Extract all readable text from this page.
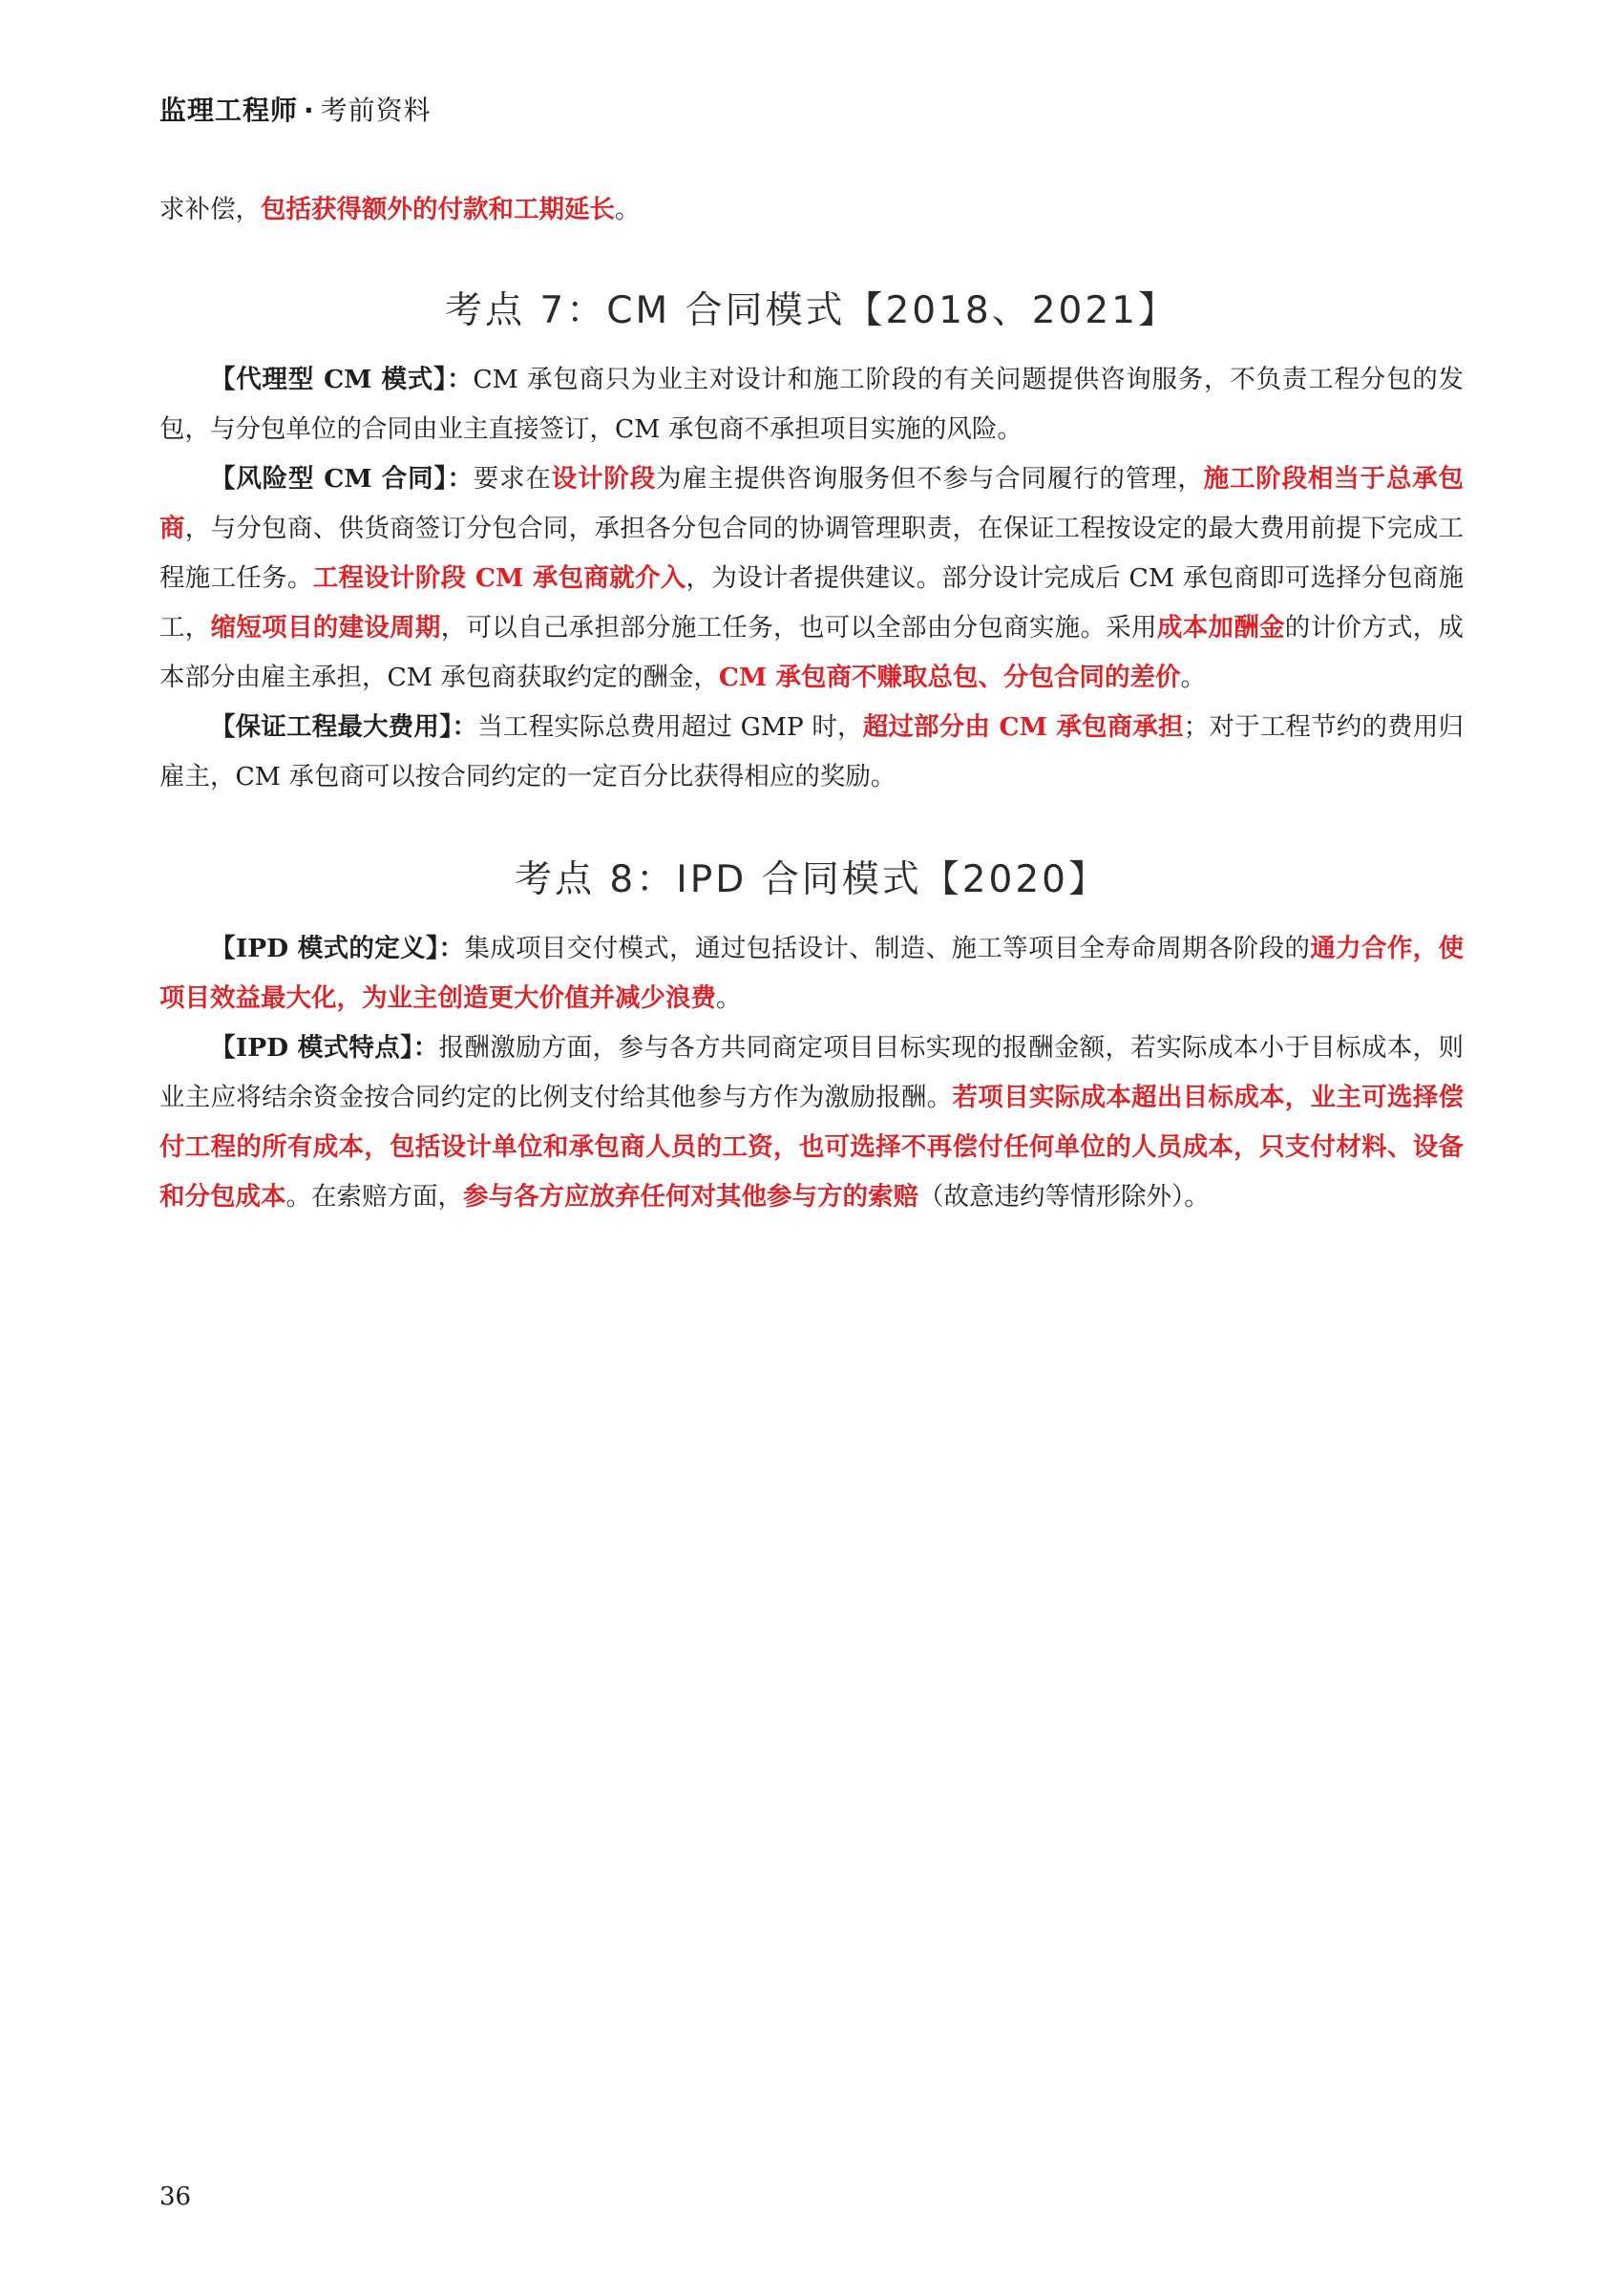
监理工程师 · 考前资料

求补偿，包括获得额外的付款和工期延长。

考点 7：CM 合同模式【2018、2021】

【代理型 CM 模式】：CM 承包商只为业主对设计和施工阶段的有关问题提供咨询服务，不负责工程分包的发包，与分包单位的合同由业主直接签订，CM 承包商不承担项目实施的风险。

【风险型 CM 合同】：要求在设计阶段为雇主提供咨询服务但不参与合同履行的管理，施工阶段相当于总承包商，与分包商、供货商签订分包合同，承担各分包合同的协调管理职责，在保证工程按设定的最大费用前提下完成工程施工任务。工程设计阶段 CM 承包商就介入，为设计者提供建议。部分设计完成后 CM 承包商即可选择分包商施工，缩短项目的建设周期，可以自己承担部分施工任务，也可以全部由分包商实施。采用成本加酬金的计价方式，成本部分由雇主承担，CM 承包商获取约定的酬金，CM 承包商不赚取总包、分包合同的差价。

【保证工程最大费用】：当工程实际总费用超过 GMP 时，超过部分由 CM 承包商承担；对于工程节约的费用归雇主，CM 承包商可以按合同约定的一定百分比获得相应的奖励。

考点 8：IPD 合同模式【2020】

【IPD 模式的定义】：集成项目交付模式，通过包括设计、制造、施工等项目全寿命周期各阶段的通力合作，使项目效益最大化，为业主创造更大价值并减少浪费。

【IPD 模式特点】：报酬激励方面，参与各方共同商定项目目标实现的报酬金额，若实际成本小于目标成本，则业主应将结余资金按合同约定的比例支付给其他参与方作为激励报酬。若项目实际成本超出目标成本，业主可选择偿付工程的所有成本，包括设计单位和承包商人员的工资，也可选择不再偿付任何单位的人员成本，只支付材料、设备和分包成本。在索赔方面，参与各方应放弃任何对其他参与方的索赔（故意违约等情形除外）。

36
